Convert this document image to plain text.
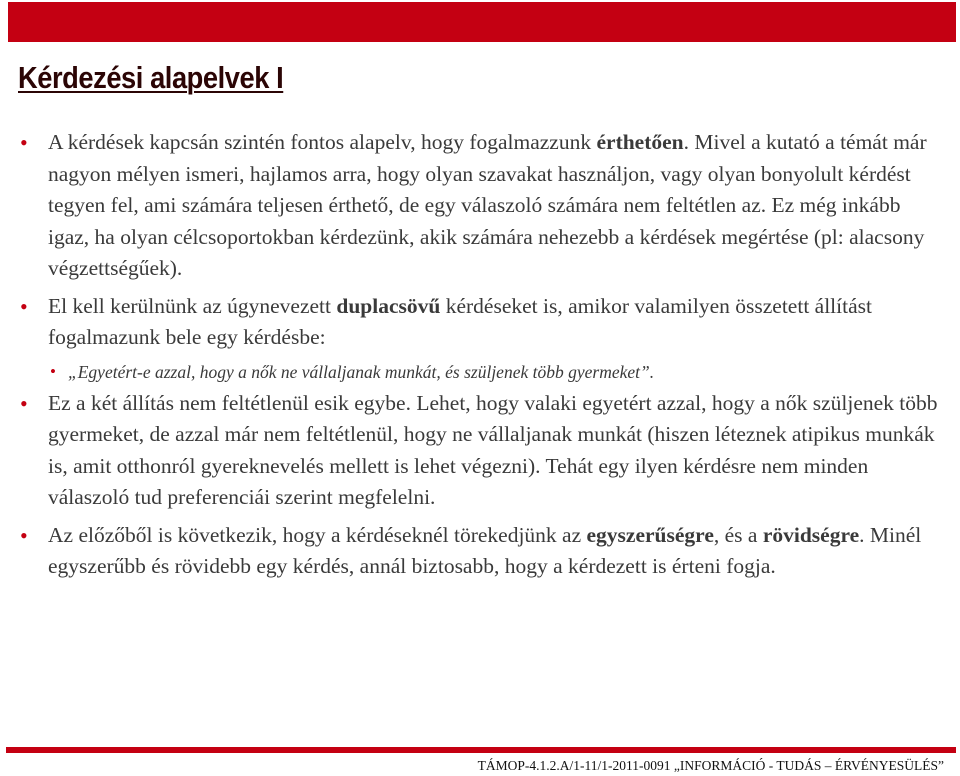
Kérdezési alapelvek I
• A kérdések kapcsán szintén fontos alapelv, hogy fogalmazzunk érthetően. Mivel a kutató a témát már nagyon mélyen ismeri, hajlamos arra, hogy olyan szavakat használjon, vagy olyan bonyolult kérdést tegyen fel, ami számára teljesen érthető, de egy válaszoló számára nem feltétlen az. Ez még inkább igaz, ha olyan célcsoportokban kérdezünk, akik számára nehezebb a kérdések megértése (pl: alacsony végzettségűek).
• El kell kerülnünk az úgynevezett duplacsövű kérdéseket is, amikor valamilyen összetett állítást fogalmazunk bele egy kérdésbe:
• „Egyetért-e azzal, hogy a nők ne vállaljanak munkát, és szüljenek több gyermeket”.
• Ez a két állítás nem feltétlenül esik egybe. Lehet, hogy valaki egyetért azzal, hogy a nők szüljenek több gyermeket, de azzal már nem feltétlenül, hogy ne vállaljanak munkát (hiszen léteznek atipikus munkák is, amit otthonról gyereknevelés mellett is lehet végezni). Tehát egy ilyen kérdésre nem minden válaszoló tud preferenciái szerint megfelelni.
• Az előzőből is következik, hogy a kérdéseknél törekedjünk az egyszerűségre, és a rövidségre. Minél egyszerűbb és rövidebb egy kérdés, annál biztosabb, hogy a kérdezett is érteni fogja.
TÁMOP-4.1.2.A/1-11/1-2011-0091 „INFORMÁCIÓ - TUDÁS – ÉRVÉNYESÜLÉS”
